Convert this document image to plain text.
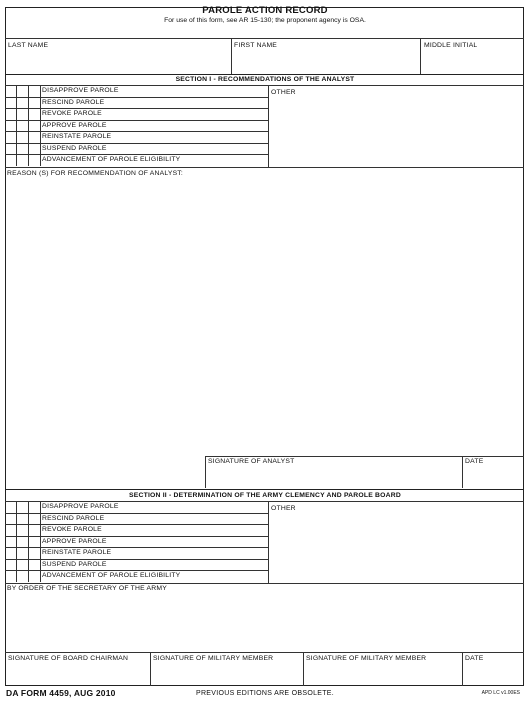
PAROLE ACTION RECORD
For use of this form, see AR 15-130; the proponent agency is OSA.
LAST NAME	FIRST NAME	MIDDLE INITIAL
SECTION I - RECOMMENDATIONS OF THE ANALYST
DISAPPROVE PAROLE
RESCIND PAROLE
REVOKE PAROLE
APPROVE PAROLE
REINSTATE PAROLE
SUSPEND PAROLE
ADVANCEMENT OF PAROLE ELIGIBILITY
OTHER
REASON (S) FOR RECOMMENDATION OF ANALYST:
SIGNATURE OF ANALYST	DATE
SECTION II - DETERMINATION OF THE ARMY CLEMENCY AND PAROLE BOARD
DISAPPROVE PAROLE
RESCIND PAROLE
REVOKE PAROLE
APPROVE PAROLE
REINSTATE PAROLE
SUSPEND PAROLE
ADVANCEMENT OF PAROLE ELIGIBILITY
OTHER
BY ORDER OF THE SECRETARY OF THE ARMY
SIGNATURE OF BOARD CHAIRMAN	SIGNATURE OF MILITARY MEMBER	SIGNATURE OF MILITARY MEMBER	DATE
DA FORM 4459, AUG 2010	PREVIOUS EDITIONS ARE OBSOLETE.	APD LC v1.00ES
